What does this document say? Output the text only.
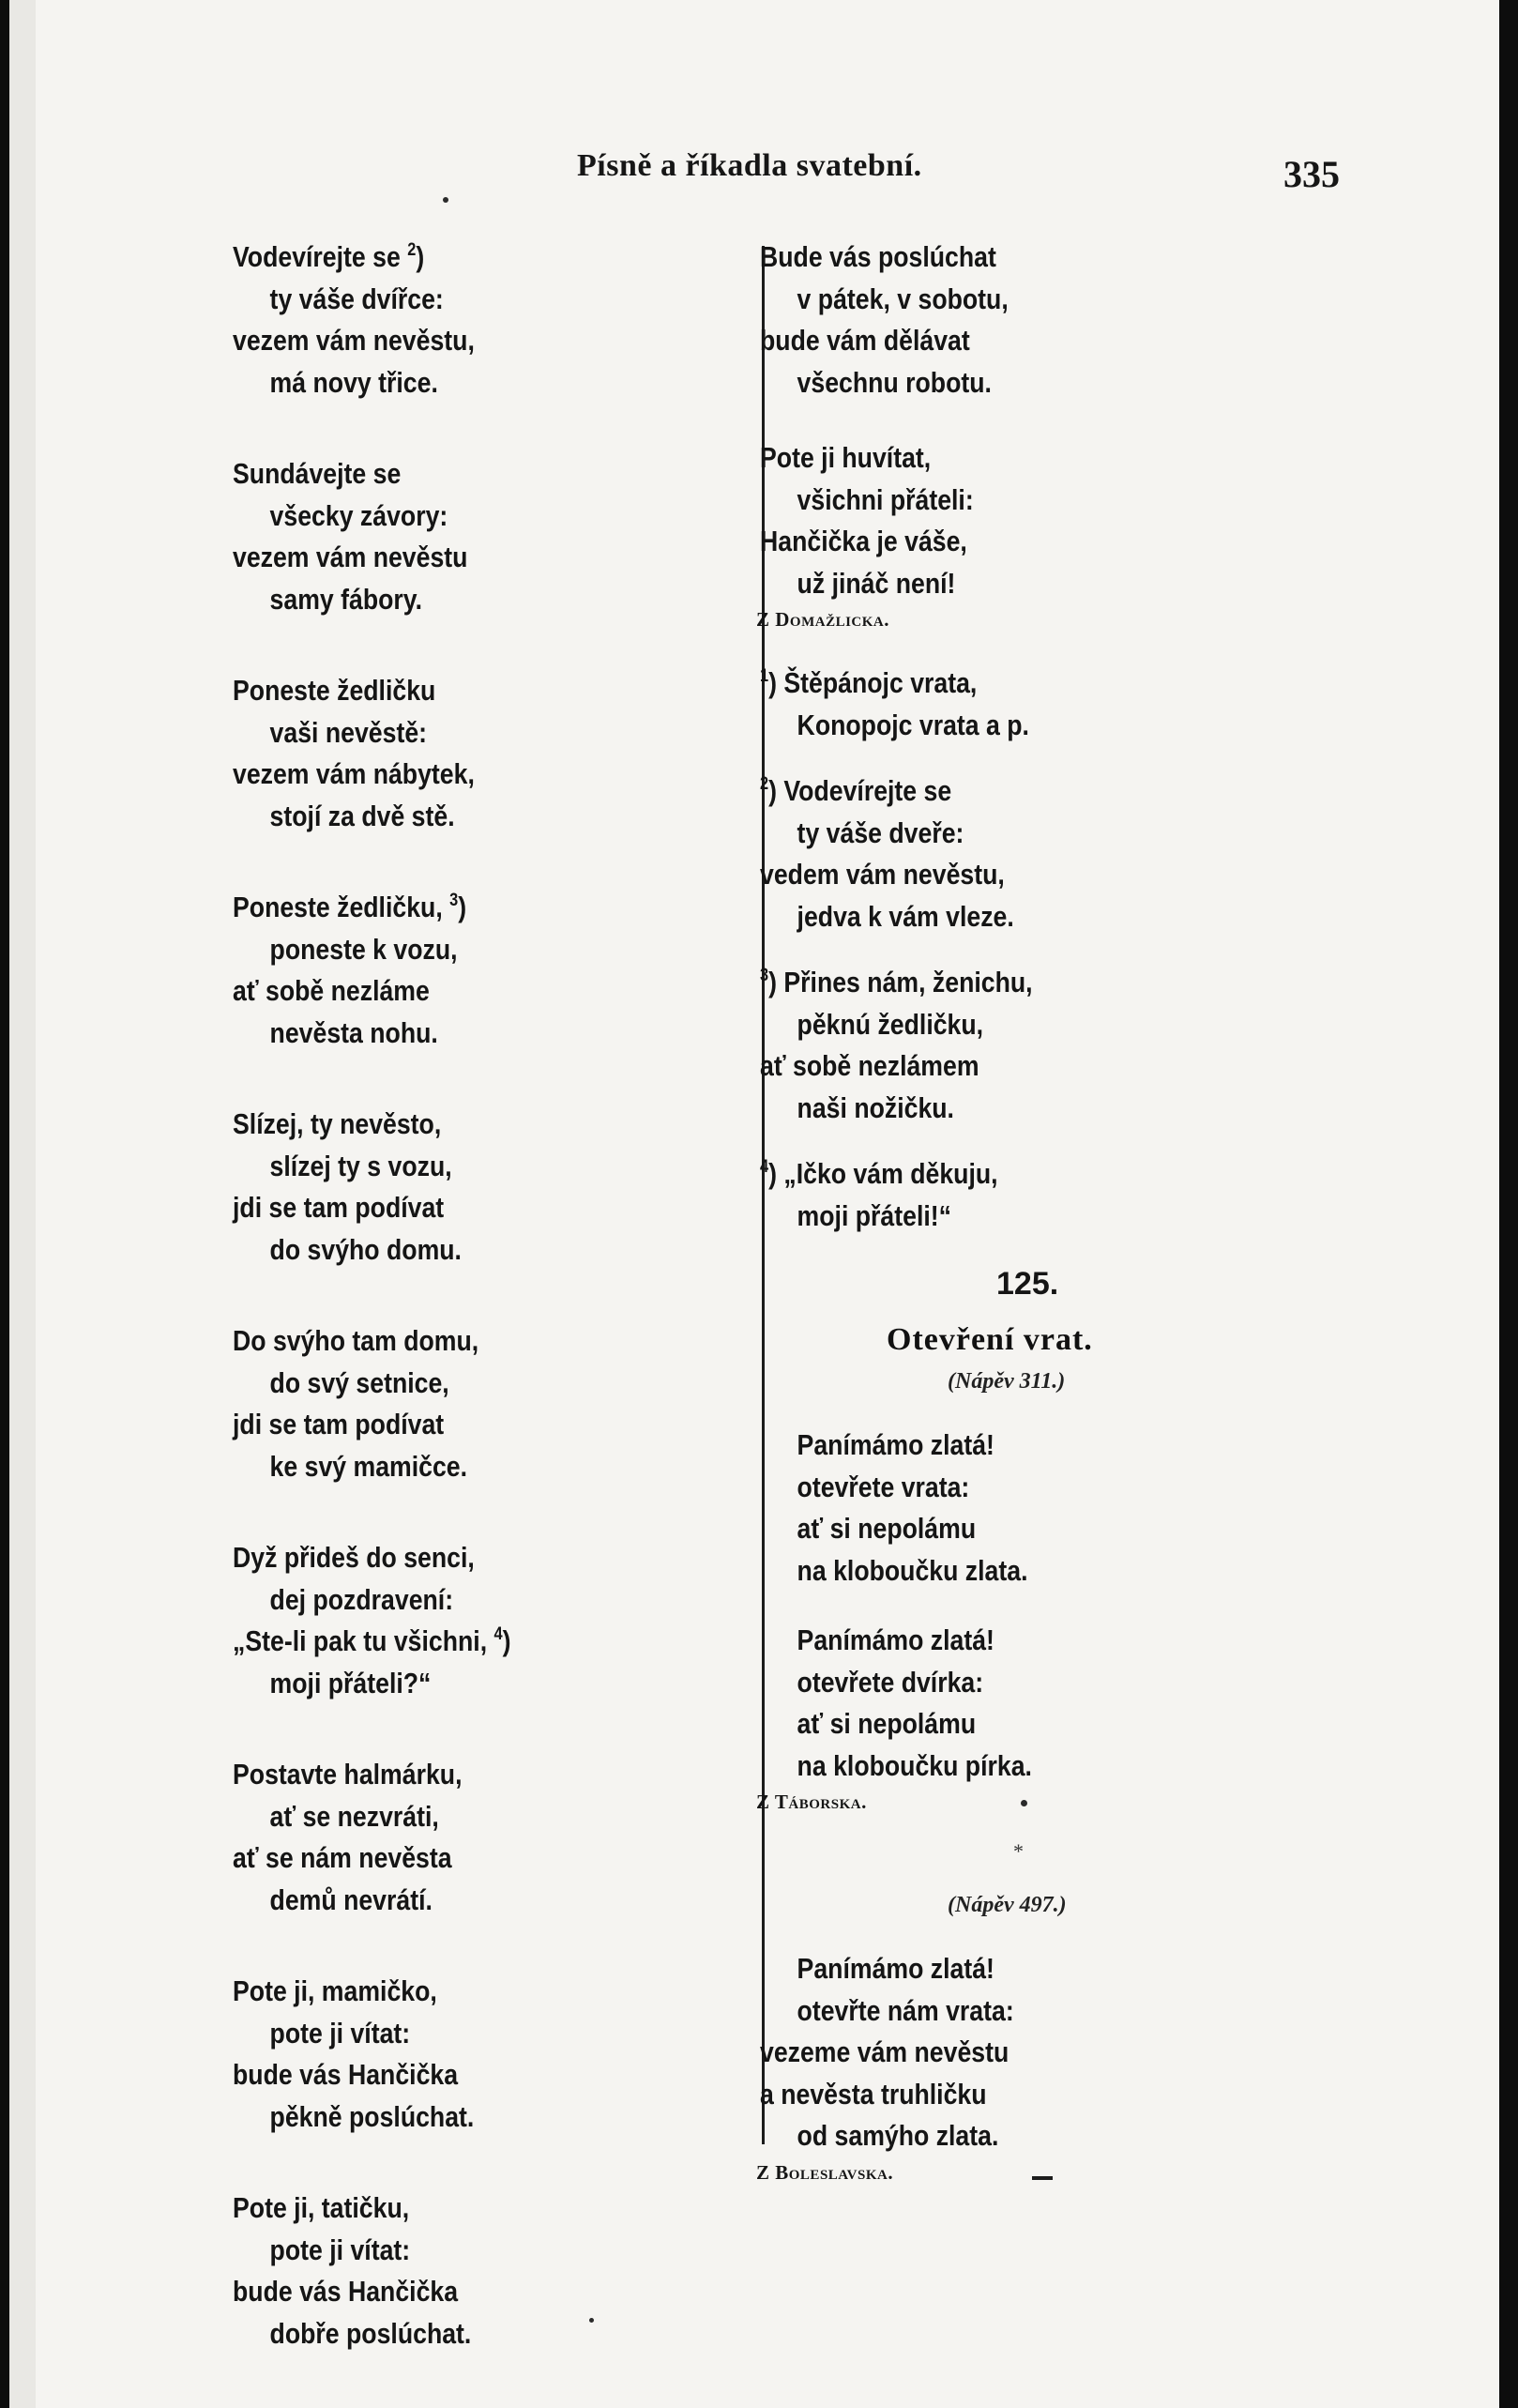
Písně a říkadla svatební.	335
Vodevírejte se $^2$)
ty váše dvířce:
vezem vám nevěstu,
má novy třice.
Sundávejte se
všecky závory:
vezem vám nevěstu
samy fábory.
Poneste žedličku
vaši nevěstě:
vezem vám nábytek,
stojí za dvě stě.
Poneste žedličku, $^3$)
poneste k vozu,
ať sobě nezláme
nevěsta nohu.
Slízej, ty nevěsto,
slízej ty s vozu,
jdi se tam podívat
do svýho domu.
Do svýho tam domu,
do svý setnice,
jdi se tam podívat
ke svý mamičce.
Dyž přideš do senci,
dej pozdravení:
„Ste-li pak tu všichni, $^4$)
moji přáteli?“
Postavte halmárku,
ať se nezvráti,
ať se nám nevěsta
demů nevrátí.
Pote ji, mamičko,
pote ji vítat:
bude vás Hančička
pěkně poslúchat.
Pote ji, tatičku,
pote ji vítat:
bude vás Hančička
dobře poslúchat.
Bude vás poslúchat
v pátek, v sobotu,
bude vám dělávat
všechnu robotu.
Pote ji huvítat,
všichni přáteli:
Hančička je váše,
už jináč není!
Z Domažlicka.
$^1$) Štěpánojc vrata,
Konopojc vrata a p.
$^2$) Vodevírejte se
ty váše dveře:
vedem vám nevěstu,
jedva k vám vleze.
$^3$) Přines nám, ženichu,
pěknú žedličku,
ať sobě nezlámem
naši nožičku.
$^4$) „Ičko vám děkuju,
moji přáteli!“
125.
Otevření vrat.
(Nápěv 311.)
Panímámo zlatá!
otevřete vrata:
ať si nepolámu
na kloboučku zlata.
Panímámo zlatá!
otevřete dvírka:
ať si nepolámu
na kloboučku pírka.
Z Táborska.
*
(Nápěv 497.)
Panímámo zlatá!
otevřte nám vrata:
vezeme vám nevěstu
a nevěsta truhličku
od samýho zlata.
Z Boleslavska.
